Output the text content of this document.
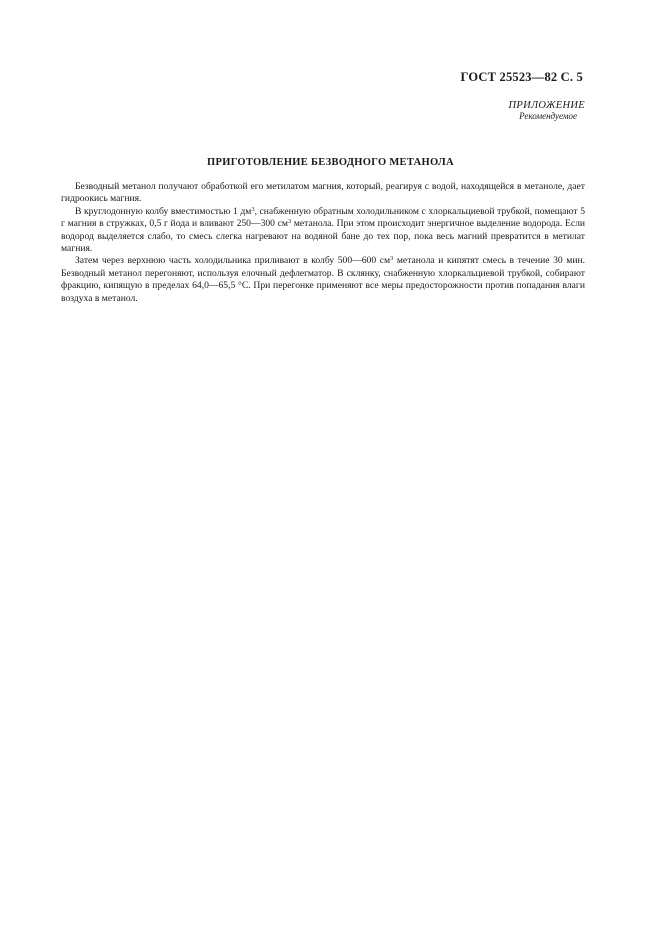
ГОСТ 25523—82 С. 5
ПРИЛОЖЕНИЕ
Рекомендуемое
ПРИГОТОВЛЕНИЕ БЕЗВОДНОГО МЕТАНОЛА

Безводный метанол получают обработкой его метилатом магния, который, реагируя с водой, находящейся в метаноле, дает гидроокись магния.

В круглодонную колбу вместимостью 1 $дм^3$, снабженную обратным холодильником с хлоркальциевой трубкой, помещают 5 г магния в стружках, 0,5 г йода и вливают 250—300 $см^3$ метанола. При этом происходит энергичное выделение водорода. Если водород выделяется слабо, то смесь слегка нагревают на водяной бане до тех пор, пока весь магний превратится в метилат магния.

Затем через верхнюю часть холодильника приливают в колбу 500—600 $см^3$ метанола и кипятят смесь в течение 30 мин. Безводный метанол перегоняют, используя елочный дефлегматор. В склянку, снабженную хлоркальциевой трубкой, собирают фракцию, кипящую в пределах 64,0—65,5 °С. При перегонке применяют все меры предосторожности против попадания влаги воздуха в метанол.
